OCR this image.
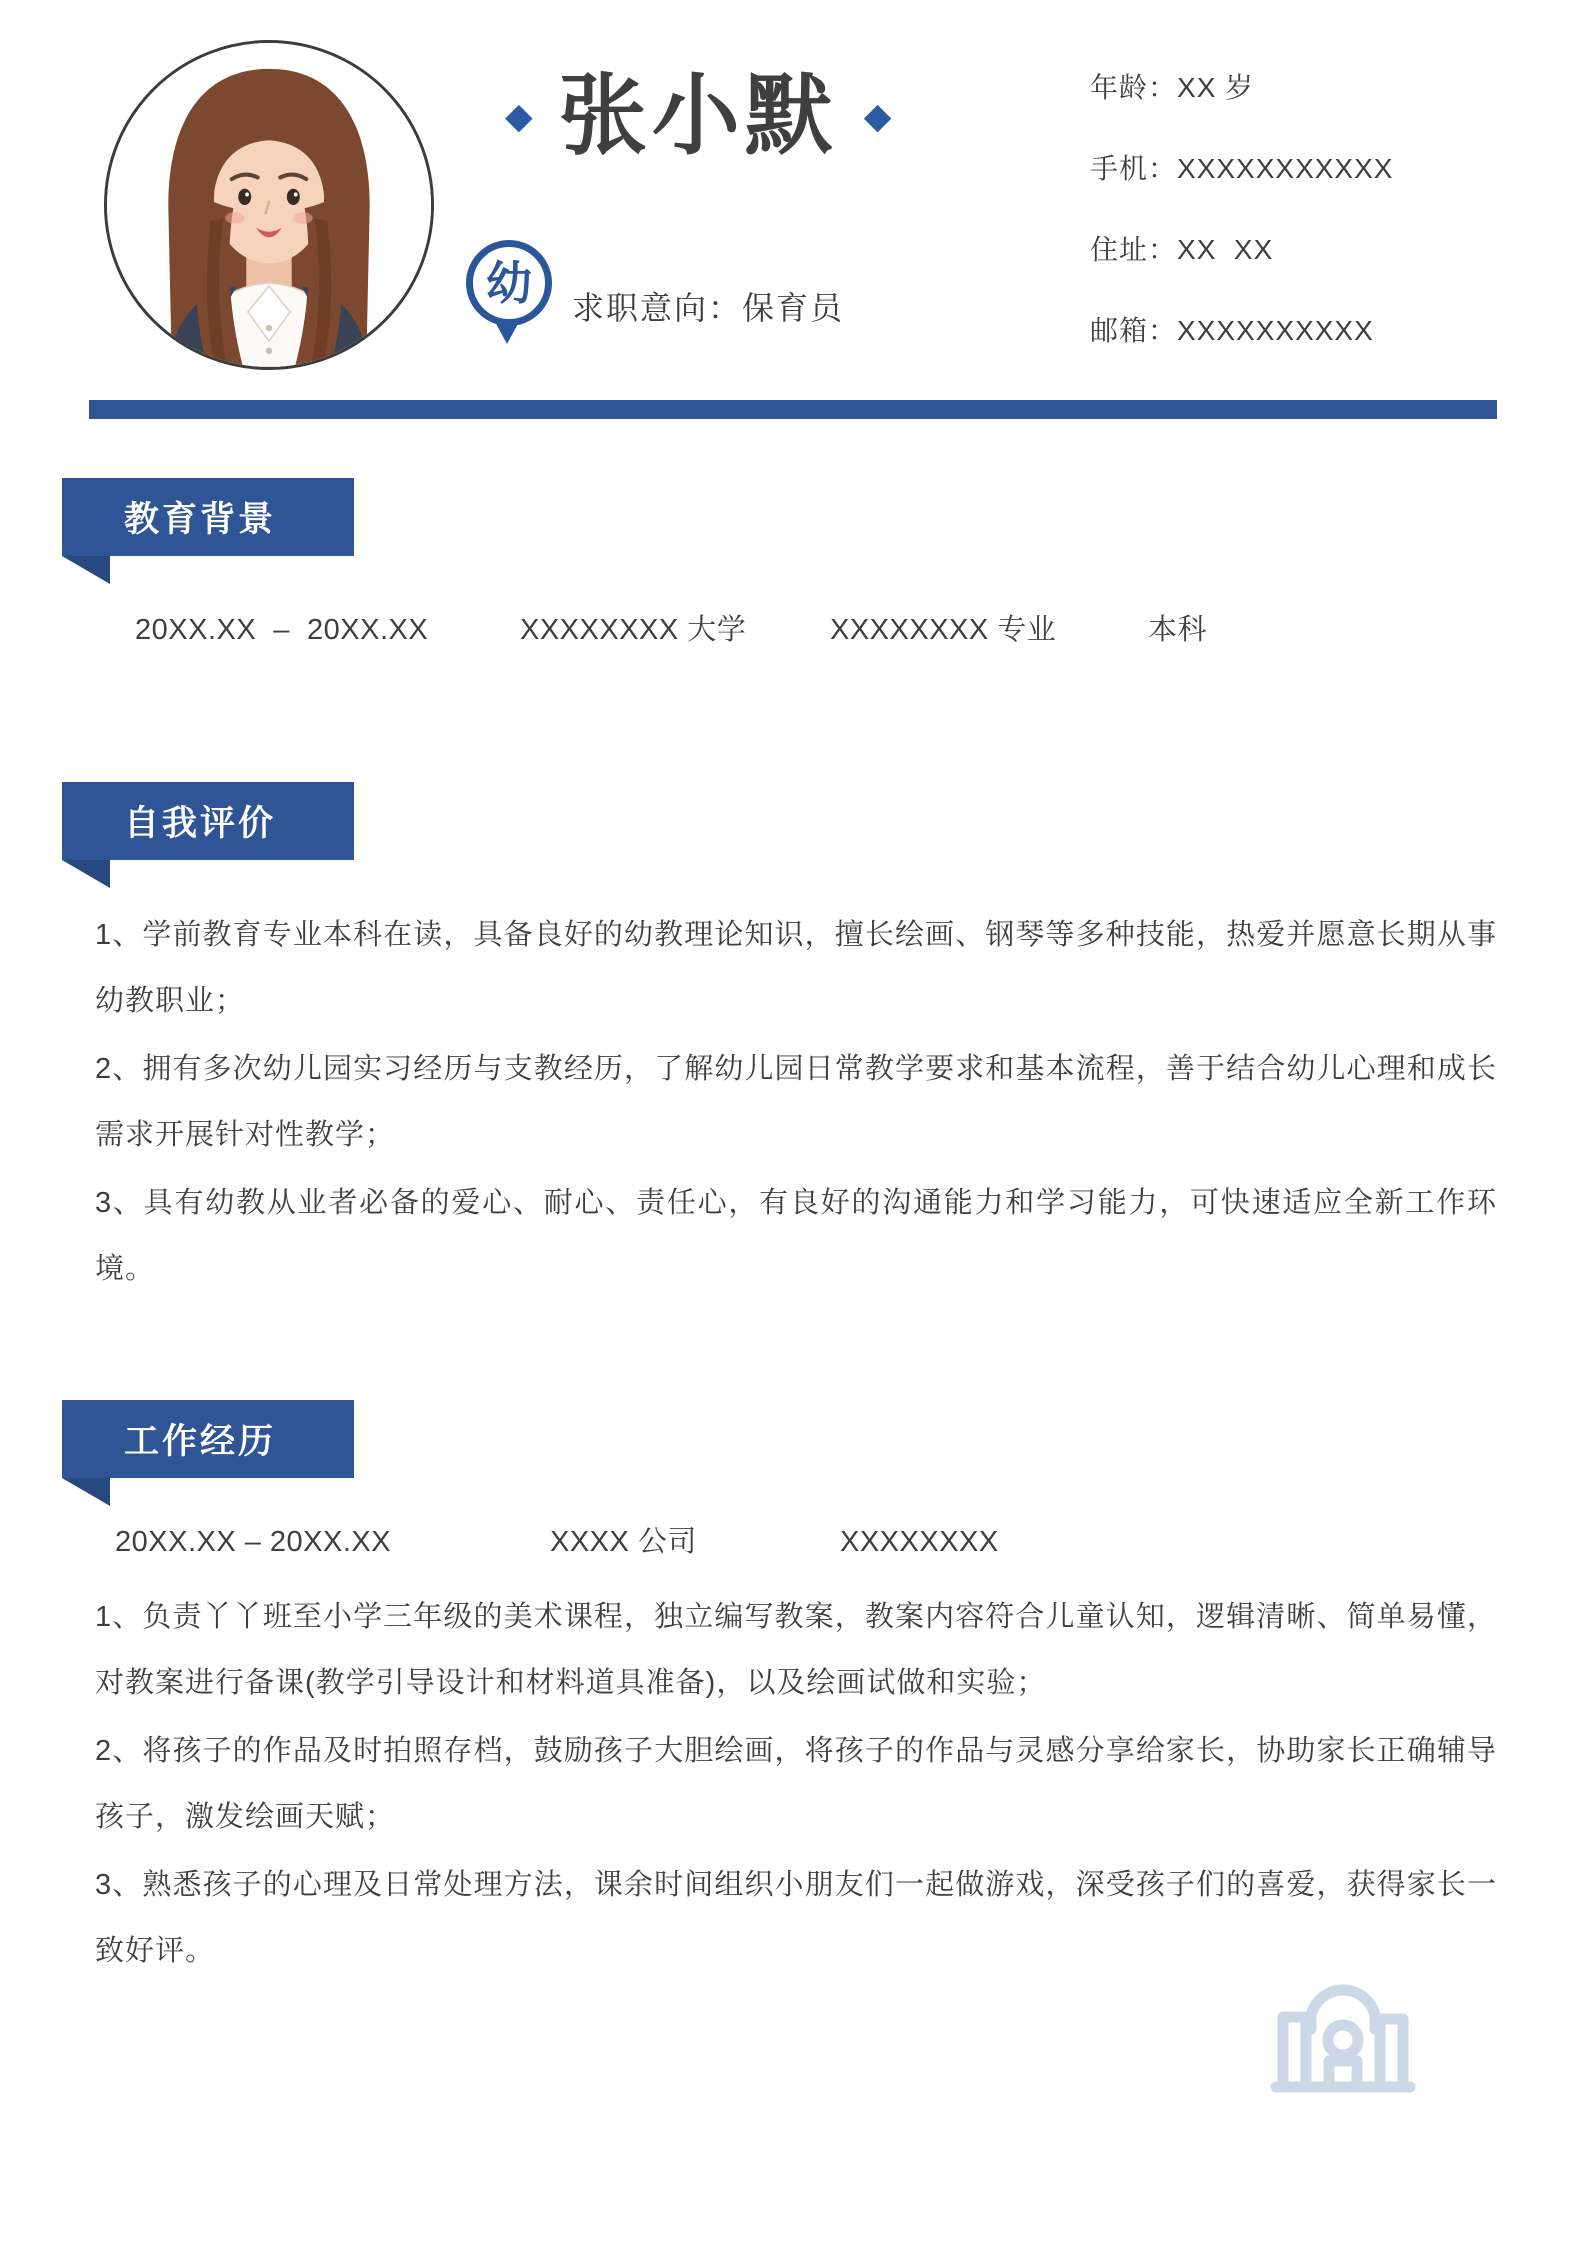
◆ 张小默 ◆
幼 求职意向：保育员
年龄：XX 岁
手机：XXXXXXXXXXX
住址：XX  XX
邮箱：XXXXXXXXXX
教育背景
20XX.XX  –  20XX.XX	XXXXXXXX 大学	XXXXXXXX 专业	本科
自我评价

1、学前教育专业本科在读，具备良好的幼教理论知识，擅长绘画、钢琴等多种技能，热爱并愿意长期从事幼教职业；

2、拥有多次幼儿园实习经历与支教经历，了解幼儿园日常教学要求和基本流程，善于结合幼儿心理和成长需求开展针对性教学；

3、具有幼教从业者必备的爱心、耐心、责任心，有良好的沟通能力和学习能力，可快速适应全新工作环境。

工作经历
20XX.XX – 20XX.XX	XXXX 公司	XXXXXXXX

1、负责丫丫班至小学三年级的美术课程，独立编写教案，教案内容符合儿童认知，逻辑清晰、简单易懂，对教案进行备课(教学引导设计和材料道具准备)，以及绘画试做和实验；

2、将孩子的作品及时拍照存档，鼓励孩子大胆绘画，将孩子的作品与灵感分享给家长，协助家长正确辅导孩子，激发绘画天赋；

3、熟悉孩子的心理及日常处理方法，课余时间组织小朋友们一起做游戏，深受孩子们的喜爱，获得家长一致好评。
